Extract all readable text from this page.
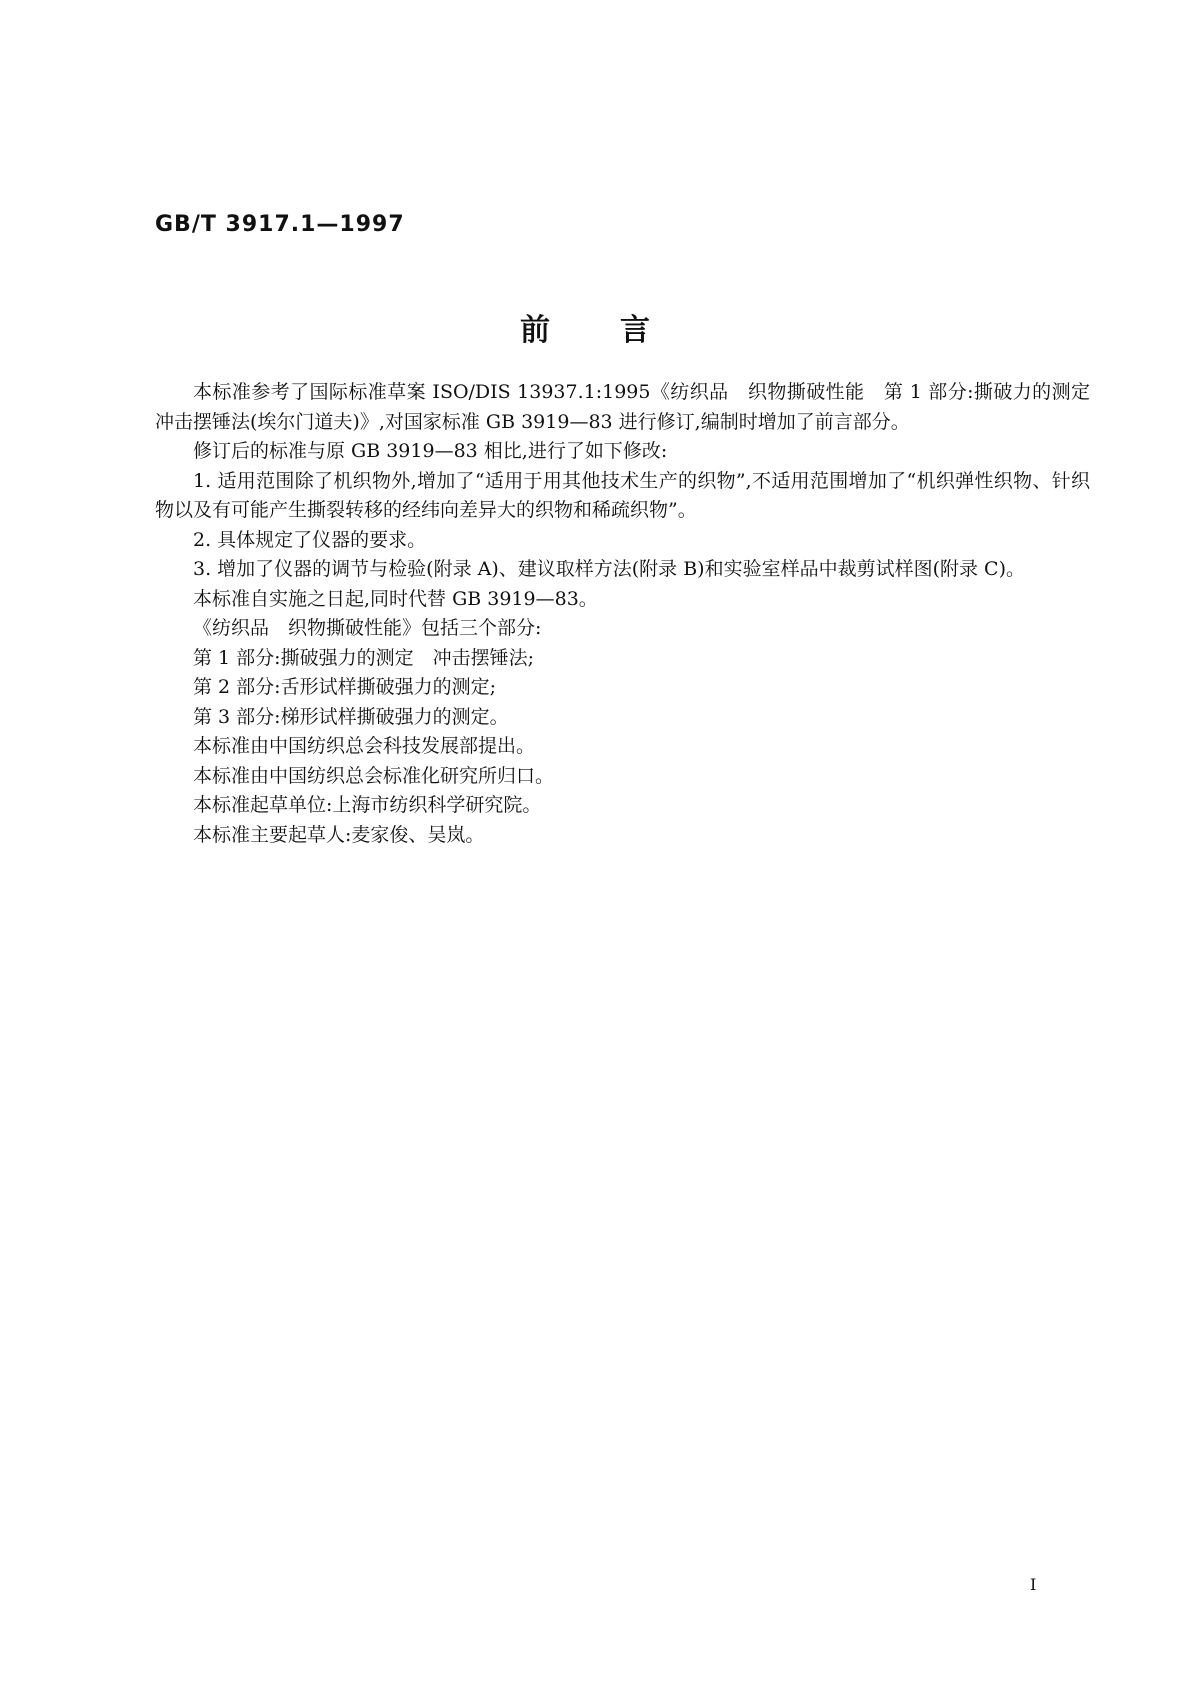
GB/T 3917.1—1997
前言

本标准参考了国际标准草案 ISO/DIS 13937.1:1995《纺织品　织物撕破性能　第 1 部分:撕破力的测定　冲击摆锤法(埃尔门道夫)》,对国家标准 GB 3919—83 进行修订,编制时增加了前言部分。

修订后的标准与原 GB 3919—83 相比,进行了如下修改:

1. 适用范围除了机织物外,增加了“适用于用其他技术生产的织物”,不适用范围增加了“机织弹性织物、针织物以及有可能产生撕裂转移的经纬向差异大的织物和稀疏织物”。

2. 具体规定了仪器的要求。

3. 增加了仪器的调节与检验(附录 A)、建议取样方法(附录 B)和实验室样品中裁剪试样图(附录 C)。

本标准自实施之日起,同时代替 GB 3919—83。

《纺织品　织物撕破性能》包括三个部分:

第 1 部分:撕破强力的测定　冲击摆锤法;

第 2 部分:舌形试样撕破强力的测定;

第 3 部分:梯形试样撕破强力的测定。

本标准由中国纺织总会科技发展部提出。

本标准由中国纺织总会标准化研究所归口。

本标准起草单位:上海市纺织科学研究院。

本标准主要起草人:麦家俊、吴岚。

I
